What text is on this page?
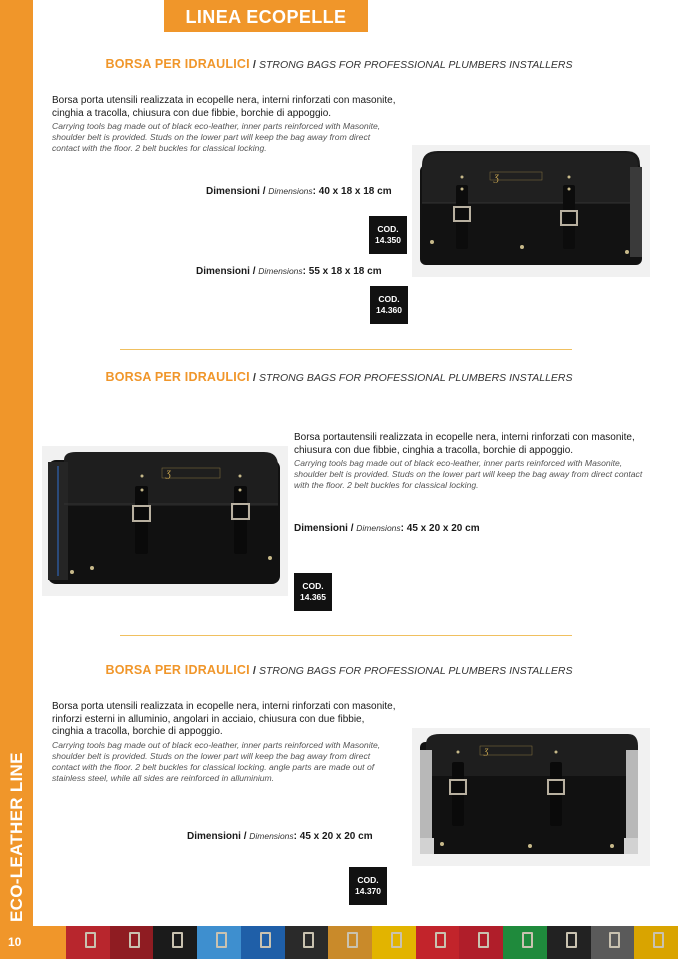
ECO-LEATHER LINE
LINEA ECOPELLE
BORSA PER IDRAULICI / STRONG BAGS FOR PROFESSIONAL PLUMBERS INSTALLERS
Borsa porta utensili realizzata in ecopelle nera, interni rinforzati con masonite, cinghia a tracolla, chiusura con due fibbie, borchie di appoggio.
Carrying tools bag made out of black eco-leather, inner parts reinforced with Masonite, shoulder belt is provided. Studs on the lower part will keep the bag away from direct contact with the floor. 2 belt buckles for classical locking.
Dimensioni / Dimensions: 40 x 18 x 18 cm
COD.
14.350
Dimensioni / Dimensions: 55 x 18 x 18 cm
COD.
14.360
Ʒ
BORSA PER IDRAULICI / STRONG BAGS FOR PROFESSIONAL PLUMBERS INSTALLERS
Ʒ
Borsa portautensili realizzata in ecopelle nera, interni rinforzati con masonite, chiusura con due fibbie, cinghia a tracolla, borchie di appoggio.
Carrying tools bag made out of black eco-leather, inner parts reinforced with Masonite, shoulder belt is provided. Studs on the lower part will keep the bag away from direct contact with the floor. 2 belt buckles for classical locking.
Dimensioni / Dimensions: 45 x 20 x 20 cm
COD.
14.365
BORSA PER IDRAULICI / STRONG BAGS FOR PROFESSIONAL PLUMBERS INSTALLERS
Borsa porta utensili realizzata in ecopelle nera, interni rinforzati con masonite, rinforzi esterni in alluminio, angolari in acciaio, chiusura con due fibbie, cinghia a tracolla, borchie di appoggio.
Carrying tools bag made out of black eco-leather, inner parts reinforced with Masonite, shoulder belt is provided. Studs on the lower part will keep the bag away from direct contact with the floor. 2 belt buckles for classical locking. angle parts are made out of stainless steel, while all sides are reinforced in alluminium.
Ʒ
Dimensioni / Dimensions: 45 x 20 x 20 cm
COD.
14.370
10
